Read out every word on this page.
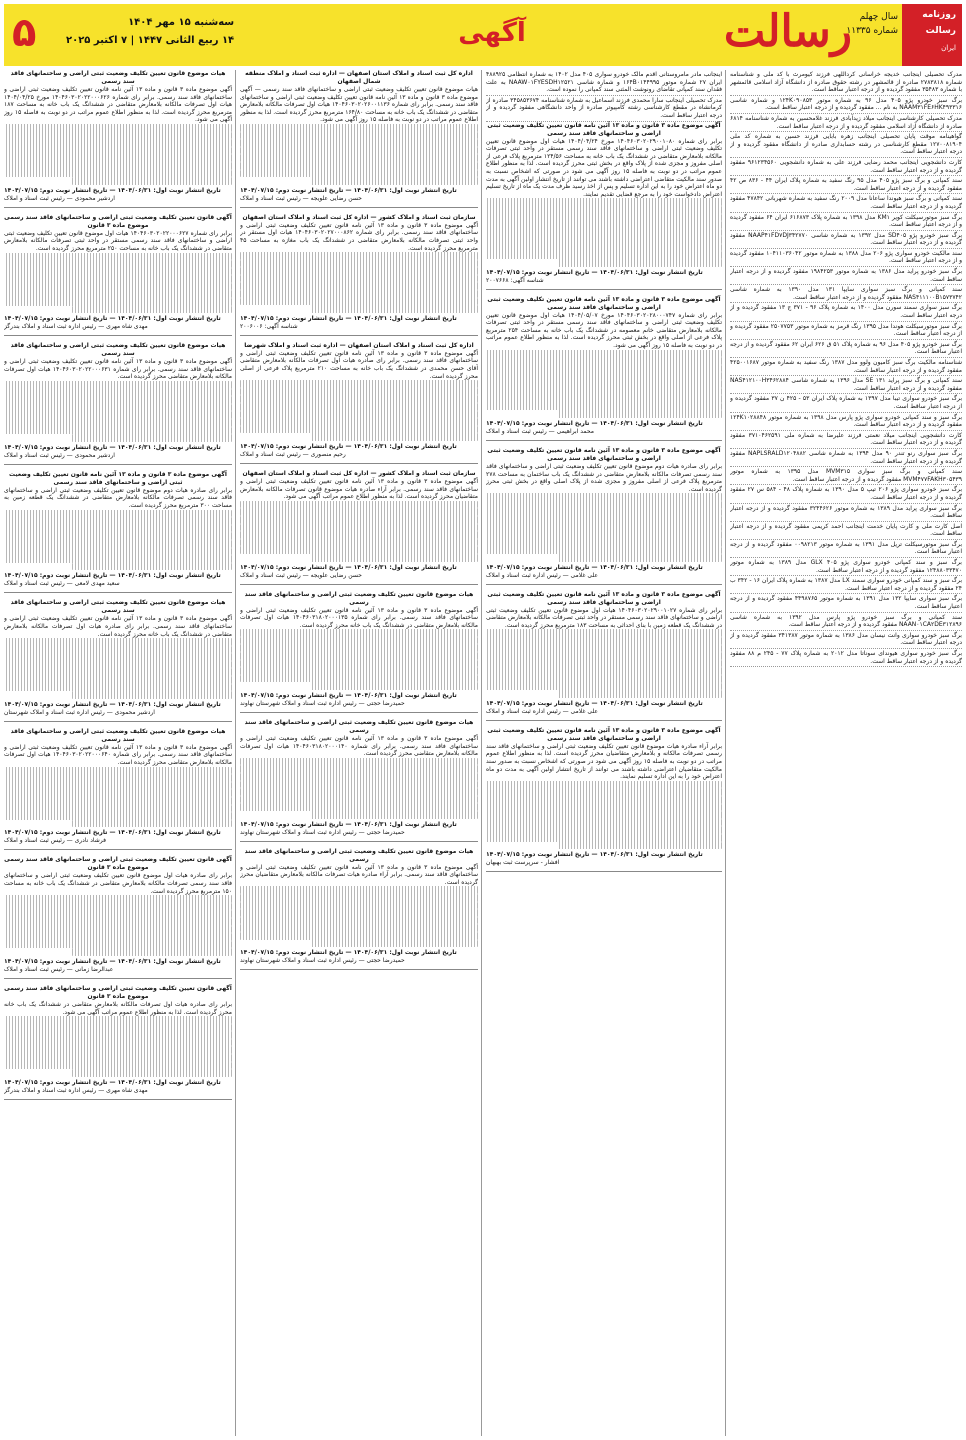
روزنامه
رسالت
ایران
سال چهلم
شماره ۱۱۳۳۵
رسالت
آگهی
سه‌شنبه ۱۵ مهر ۱۴۰۴
۱۴ ربیع الثانی ۱۴۴۷ | ۷ اکتبر ۲۰۲۵
۵
مدرک تحصیلی اینجانب خدیجه خراسانی کرداللهی فرزند کیومرث با کد ملی و شناسنامه شماره ۲۷۸۳۸۱۸ صادره از قائمشهر در رشته حقوق صادره از دانشگاه آزاد اسلامی قائمشهر با شماره ۳۵۴۸۳ مفقود گردیده و از درجه اعتبار ساقط است.
برگ سبز خودرو پژو ۴۰۵ مدل ۹۶ به شماره موتور ۱۲۴K۰۹۰۸۵۳ و شماره شاسی NAAM۳۱FE۶HK۴۹۳۳۱۶ به نام ... مفقود گردیده و از درجه اعتبار ساقط است.
مدرک تحصیلی کارشناسی اینجانب میلاد زیدآبادی فرزند غلامحسین به شماره شناسنامه ۶۸۱۴ صادره از دانشگاه آزاد اسلامی مفقود گردیده و از درجه اعتبار ساقط است.
گواهینامه موقت پایان تحصیلی اینجانب زهره بابایی فرزند حسین به شماره کد ملی ۱۲۷۰۰۸۱۹۰۴ مقطع کارشناسی در رشته حسابداری صادره از دانشگاه مفقود گردیده و از درجه اعتبار ساقط است.
کارت دانشجویی اینجانب محمد رضایی فرزند علی به شماره دانشجویی ۹۶۱۲۳۴۵۶۰ مفقود گردیده و از درجه اعتبار ساقط است.
سند کمپانی و برگ سبز پژو ۴۰۵ مدل ۹۵ رنگ سفید به شماره پلاک ایران ۴۴ - ۸۳۶ ص ۴۲ مفقود گردیده و از درجه اعتبار ساقط است.
سند کمپانی و برگ سبز هیوندا ساعانا مدل ۲۰۰۹ رنگ سفید به شماره شهربانی ۴۷۸۴۲ مفقود گردیده و از درجه اعتبار ساقط است.
برگ سبز موتورسیکلت کویر KM۱ مدل ۱۳۹۸ به شماره پلاک ۶۱۶۸۷۳ ایران ۶۴ مفقود گردیده و از درجه اعتبار ساقط است.
برگ سبز خودرو پژو SD۴۰۵ مدل ۱۳۹۲ به شماره شاسی NAAP۴۱FD۷DJ۳۴۲۷۷۰ مفقود گردیده و از درجه اعتبار ساقط است.
سند مالکیت خودرو سواری پژو ۲۰۶ مدل ۱۳۸۸ به شماره موتور ۱۰۴۱۱۰۳۶۰۴۲ مفقود گردیده و از درجه اعتبار ساقط است.
برگ سبز خودرو پراید مدل ۱۳۸۶ به شماره موتور ۱۹۸۴۲۵۳ مفقود گردیده و از درجه اعتبار ساقط است.
سند کمپانی و برگ سبز سواری سایپا ۱۳۱ مدل ۱۳۹۰ به شماره شاسی NAS۴۱۱۱۰۰B۱۵۷۳۷۴۲ مفقود گردیده و از درجه اعتبار ساقط است.
برگ سبز سواری سمند سورن مدل ۱۴۰۰ به شماره پلاک ۹۶ - ۳۷۱ ج ۱۳ مفقود گردیده و از درجه اعتبار ساقط است.
برگ سبز موتورسیکلت هوندا مدل ۱۳۹۵ رنگ قرمز به شماره موتور ۲۵۰۷۷۵۳ مفقود گردیده و از درجه اعتبار ساقط است.
برگ سبز خودرو پژو ۴۰۵ مدل ۹۶ به شماره پلاک ۵۱ ق ۶۲۶ ایران ۶۲ مفقود گردیده و از درجه اعتبار ساقط است.
شناسنامه مالکیت برگ سبز کامیون ولوو مدل ۱۳۸۷ رنگ سفید به شماره موتور ۴۲۵۰۰۱۶۸۷ مفقود گردیده و از درجه اعتبار ساقط است.
سند کمپانی و برگ سبز پراید ۱۳۱ SE مدل ۱۳۹۶ به شماره شاسی NAS۴۱۲۱۰۰H۳۴۶۲۸۸۴ مفقود گردیده و از درجه اعتبار ساقط است.
برگ سبز خودرو سواری تیبا مدل ۱۳۹۷ به شماره پلاک ایران ۵۳ - ۴۲۵ ن ۳۷ مفقود گردیده و از درجه اعتبار ساقط است.
برگ سبز و سند کمپانی خودرو سواری پژو پارس مدل ۱۳۹۸ به شماره موتور ۱۲۴K۱۰۲۸۸۴۸ مفقود گردیده و از درجه اعتبار ساقط است.
کارت دانشجویی اینجانب میلاد نعمتی فرزند علیرضا به شماره ملی ۳۷۱۰۴۶۲۵۹۱ مفقود گردیده و از درجه اعتبار ساقط است.
برگ سبز سواری رنو تندر ۹۰ مدل ۱۳۹۴ به شماره شاسی NAPLSRALD۱۲۰۴۸۸۲ مفقود گردیده و از درجه اعتبار ساقط است.
سند کمپانی و برگ سبز سواری MVM۳۱۵ مدل ۱۳۹۵ به شماره موتور MVM۴۷۷FAKH۳۰۵۴۳۹ مفقود گردیده و از درجه اعتبار ساقط است.
برگ سبز خودرو سواری پژو ۲۰۶ تیپ ۵ مدل ۱۳۹۰ به شماره پلاک ۴۸ - ۵۸۴ س ۲۷ مفقود گردیده و از درجه اعتبار ساقط است.
برگ سبز سواری پراید مدل ۱۳۸۹ به شماره موتور ۳۲۴۴۶۲۶ مفقود گردیده و از درجه اعتبار ساقط است.
اصل کارت ملی و کارت پایان خدمت اینجانب احمد کریمی مفقود گردیده و از درجه اعتبار ساقط است.
برگ سبز موتورسیکلت تریل مدل ۱۳۹۱ به شماره موتور ۰۰۹۸۲۱۳ مفقود گردیده و از درجه اعتبار ساقط است.
برگ سبز و سند کمپانی خودرو سواری پژو ۴۰۵ GLX مدل ۱۳۸۹ به شماره موتور ۱۲۴۸۸۰۳۳۴۷۰ مفقود گردیده و از درجه اعتبار ساقط است.
برگ سبز و سند کمپانی خودرو سواری سمند LX مدل ۱۳۸۷ به شماره پلاک ایران ۱۶ - ۳۴۲ ب ۲۴ مفقود گردیده و از درجه اعتبار ساقط است.
برگ سبز سواری سایپا ۱۳۲ مدل ۱۳۹۱ به شماره موتور ۴۴۹۸۷۶۵ مفقود گردیده و از درجه اعتبار ساقط است.
سند کمپانی و برگ سبز خودرو پژو پارس مدل ۱۳۹۲ به شماره شاسی NAAN۰۱CA۲DE۳۱۲۸۹۶ مفقود گردیده و از درجه اعتبار ساقط است.
برگ سبز خودرو سواری وانت نیسان مدل ۱۳۸۶ به شماره موتور ۳۴۱۳۸۷ مفقود گردیده و از درجه اعتبار ساقط است.
برگ سبز خودرو سواری هیوندای سوناتا مدل ۲۰۱۲ به شماره پلاک ۷۷ - ۲۴۵ م ۸۸ مفقود گردیده و از درجه اعتبار ساقط است.
اینجانب مادر مامروستانی اقدم مالک خودرو سواری ۴۰۵ مدل ۱۴۰۲ به شماره انتظامی ۴۸۸۹۲۵ ایران ۲۷ شماره موتور ۱۶۴B۰۱۴۴۹۹۵ و شماره شاسی NAAW۰۱FYESDH۱۲۵۲۱ به علت فقدان سند کمپانی تقاضای رونوشت المثنی سند کمپانی را نموده است.
مدرک تحصیلی اینجانب سارا محمدی فرزند اسماعیل به شماره شناسنامه ۳۴۵۸۵۳۶۷۴ صادره از کرمانشاه در مقطع کارشناسی رشته کامپیوتر صادره از واحد دانشگاهی مفقود گردیده و از درجه اعتبار ساقط است.
آگهی موضوع ماده ۳ قانون و ماده ۱۳ آئین نامه قانون تعیین تکلیف وضعیت ثبتی اراضی و ساختمانهای فاقد سند رسمی
برابر رای شماره ۱۴۰۴۶۰۳۰۲۰۲۹۰۰۱۰۸۰ مورخ ۱۴۰۴/۰۴/۲۴ هیات اول موضوع قانون تعیین تکلیف وضعیت ثبتی اراضی و ساختمانهای فاقد سند رسمی مستقر در واحد ثبتی تصرفات مالکانه بلامعارض متقاضی در ششدانگ یک باب خانه به مساحت ۱۲۴/۵۶ مترمربع پلاک فرعی از اصلی مفروز و مجزی شده از پلاک واقع در بخش ثبتی محرز گردیده است. لذا به منظور اطلاع عموم مراتب در دو نوبت به فاصله ۱۵ روز آگهی می شود در صورتی که اشخاص نسبت به صدور سند مالکیت متقاضی اعتراضی داشته باشند می توانند از تاریخ انتشار اولین آگهی به مدت دو ماه اعتراض خود را به این اداره تسلیم و پس از اخذ رسید ظرف مدت یک ماه از تاریخ تسلیم اعتراض دادخواست خود را به مرجع قضایی تقدیم نمایند.
تاریخ انتشار نوبت اول: ۱۴۰۴/۰۶/۳۱ — تاریخ انتشار نوبت دوم: ۱۴۰۴/۰۷/۱۵
شناسه آگهی: ۲۰۰۷۶۶۸
آگهی موضوع ماده ۳ قانون و ماده ۱۳ آئین نامه قانون تعیین تکلیف وضعیت ثبتی اراضی و ساختمانهای فاقد سند رسمی
برابر رای شماره ۱۴۰۴۶۰۳۰۲۰۲۸۰۰۰۷۴۷ مورخ ۱۴۰۴/۰۵/۰۷ هیات اول موضوع قانون تعیین تکلیف وضعیت ثبتی اراضی و ساختمانهای فاقد سند رسمی مستقر در واحد ثبتی تصرفات مالکانه بلامعارض متقاضی خانم معصومه در ششدانگ یک باب خانه به مساحت ۲۵۴ مترمربع پلاک فرعی از اصلی واقع در بخش ثبتی محرز گردیده است. لذا به منظور اطلاع عموم مراتب در دو نوبت به فاصله ۱۵ روز آگهی می شود.
تاریخ انتشار نوبت اول: ۱۴۰۴/۰۶/۳۱ — تاریخ انتشار نوبت دوم: ۱۴۰۴/۰۷/۱۵
محمد ابراهیمی — رئیس ثبت اسناد و املاک
آگهی موضوع ماده ۳ قانون و ماده ۱۳ آئین نامه قانون تعیین تکلیف وضعیت ثبتی اراضی و ساختمانهای فاقد سند رسمی
برابر رای صادره هیات دوم موضوع قانون تعیین تکلیف وضعیت ثبتی اراضی و ساختمانهای فاقد سند رسمی تصرفات مالکانه بلامعارض متقاضی در ششدانگ یک باب ساختمان به مساحت ۲۷۸ مترمربع پلاک فرعی از اصلی مفروز و مجزی شده از پلاک اصلی واقع در بخش ثبتی محرز گردیده است.
تاریخ انتشار نوبت اول: ۱۴۰۴/۰۶/۳۱ — تاریخ انتشار نوبت دوم: ۱۴۰۴/۰۷/۱۵
علی غلامی — رئیس اداره ثبت اسناد و املاک
آگهی موضوع ماده ۳ قانون و ماده ۱۳ آئین نامه قانون تعیین تکلیف وضعیت ثبتی اراضی و ساختمانهای فاقد سند رسمی
برابر رای شماره ۱۴۰۴۶۰۳۰۲۰۲۹۰۰۱۰۲۷ هیات اول موضوع قانون تعیین تکلیف وضعیت ثبتی اراضی و ساختمانهای فاقد سند رسمی مستقر در واحد ثبتی تصرفات مالکانه بلامعارض متقاضی در ششدانگ یک قطعه زمین با بنای احداثی به مساحت ۱۸۳ مترمربع محرز گردیده است.
تاریخ انتشار نوبت اول: ۱۴۰۴/۰۶/۳۱ — تاریخ انتشار نوبت دوم: ۱۴۰۴/۰۷/۱۵
علی غلامی — رئیس اداره ثبت اسناد و املاک
آگهی موضوع ماده ۳ قانون و ماده ۱۳ آئین نامه قانون تعیین تکلیف وضعیت ثبتی اراضی و ساختمانهای فاقد سند رسمی
برابر آراء صادره هیات موضوع قانون تعیین تکلیف وضعیت ثبتی اراضی و ساختمانهای فاقد سند رسمی تصرفات مالکانه و بلامعارض متقاضیان محرز گردیده است. لذا به منظور اطلاع عموم مراتب در دو نوبت به فاصله ۱۵ روز آگهی می شود در صورتی که اشخاص نسبت به صدور سند مالکیت متقاضیان اعتراضی داشته باشند می توانند از تاریخ انتشار اولین آگهی به مدت دو ماه اعتراض خود را به این اداره تسلیم نمایند.
تاریخ انتشار نوبت اول: ۱۴۰۴/۰۶/۳۱ — تاریخ انتشار نوبت دوم: ۱۴۰۴/۰۷/۱۵
افشار - سرپرست ثبت بهبهان
اداره کل ثبت اسناد و املاک استان اصفهان — اداره ثبت اسناد و املاک منطقه شمال اصفهان
هیات موضوع قانون تعیین تکلیف وضعیت ثبتی اراضی و ساختمانهای فاقد سند رسمی — آگهی موضوع ماده ۳ قانون و ماده ۱۳ آئین نامه قانون تعیین تکلیف وضعیت ثبتی اراضی و ساختمانهای فاقد سند رسمی. برابر رای شماره ۱۴۰۴۶۰۳۰۲۰۲۶۰۰۱۱۳۶ هیات اول تصرفات مالکانه بلامعارض متقاضی در ششدانگ یک باب خانه به مساحت ۱۶۴/۸۰ مترمربع محرز گردیده است. لذا به منظور اطلاع عموم مراتب در دو نوبت به فاصله ۱۵ روز آگهی می شود.
تاریخ انتشار نوبت اول: ۱۴۰۴/۰۶/۳۱ — تاریخ انتشار نوبت دوم: ۱۴۰۴/۰۷/۱۵
حسن رضایی علویجه — رئیس ثبت اسناد و املاک
سازمان ثبت اسناد و املاک کشور — اداره کل ثبت اسناد و املاک استان اصفهان
آگهی موضوع ماده ۳ قانون و ماده ۱۳ آئین نامه قانون تعیین تکلیف وضعیت ثبتی اراضی و ساختمانهای فاقد سند رسمی. برابر رای شماره ۱۴۰۴۶۰۳۰۲۰۲۷۰۰۰۸۶۲ هیات اول مستقر در واحد ثبتی تصرفات مالکانه بلامعارض متقاضی در ششدانگ یک باب مغازه به مساحت ۴۵ مترمربع محرز گردیده است.
تاریخ انتشار نوبت اول: ۱۴۰۴/۰۶/۳۱ — تاریخ انتشار نوبت دوم: ۱۴۰۴/۰۷/۱۵
شناسه آگهی: ۲۰۰۶۰۰۶
اداره کل ثبت اسناد و املاک استان اصفهان — اداره ثبت اسناد و املاک شهرضا
آگهی موضوع ماده ۳ قانون و ماده ۱۳ آئین نامه قانون تعیین تکلیف وضعیت ثبتی اراضی و ساختمانهای فاقد سند رسمی. برابر رای صادره هیات اول تصرفات مالکانه بلامعارض متقاضی آقای حسن محمدی در ششدانگ یک باب خانه به مساحت ۲۱۰ مترمربع پلاک فرعی از اصلی محرز گردیده است.
تاریخ انتشار نوبت اول: ۱۴۰۴/۰۶/۳۱ — تاریخ انتشار نوبت دوم: ۱۴۰۴/۰۷/۱۵
رحیم منصوری — رئیس ثبت اسناد و املاک
سازمان ثبت اسناد و املاک کشور — اداره کل ثبت اسناد و املاک استان اصفهان
آگهی موضوع ماده ۳ قانون و ماده ۱۳ آئین نامه قانون تعیین تکلیف وضعیت ثبتی اراضی و ساختمانهای فاقد سند رسمی. برابر آراء صادره هیات موضوع قانون تصرفات مالکانه بلامعارض متقاضیان محرز گردیده است. لذا به منظور اطلاع عموم مراتب آگهی می شود.
تاریخ انتشار نوبت اول: ۱۴۰۴/۰۶/۳۱ — تاریخ انتشار نوبت دوم: ۱۴۰۴/۰۷/۱۵
حسن رضایی علویجه — رئیس ثبت اسناد و املاک
هیات موضوع قانون تعیین تکلیف وضعیت ثبتی اراضی و ساختمانهای فاقد سند رسمی
آگهی موضوع ماده ۳ قانون و ماده ۱۳ آئین نامه قانون تعیین تکلیف وضعیت ثبتی اراضی و ساختمانهای فاقد سند رسمی. برابر رای شماره ۱۴۰۴۶۰۳۱۸۰۲۰۰۰۱۳۵ هیات اول تصرفات مالکانه بلامعارض متقاضی در ششدانگ یک باب خانه محرز گردیده است.
تاریخ انتشار نوبت اول: ۱۴۰۴/۰۶/۳۱ — تاریخ انتشار نوبت دوم: ۱۴۰۴/۰۷/۱۵
حمیدرضا حجتی — رئیس اداره ثبت اسناد و املاک شهرستان نهاوند
هیات موضوع قانون تعیین تکلیف وضعیت ثبتی اراضی و ساختمانهای فاقد سند رسمی
آگهی موضوع ماده ۳ قانون و ماده ۱۳ آئین نامه قانون تعیین تکلیف وضعیت ثبتی اراضی و ساختمانهای فاقد سند رسمی. برابر رای شماره ۱۴۰۴۶۰۳۱۸۰۲۰۰۰۱۴۰ هیات اول تصرفات مالکانه بلامعارض متقاضی محرز گردیده است.
تاریخ انتشار نوبت اول: ۱۴۰۴/۰۶/۳۱ — تاریخ انتشار نوبت دوم: ۱۴۰۴/۰۷/۱۵
حمیدرضا حجتی — رئیس اداره ثبت اسناد و املاک شهرستان نهاوند
هیات موضوع قانون تعیین تکلیف وضعیت ثبتی اراضی و ساختمانهای فاقد سند رسمی
آگهی موضوع ماده ۳ قانون و ماده ۱۳ آئین نامه قانون تعیین تکلیف وضعیت ثبتی اراضی و ساختمانهای فاقد سند رسمی. برابر آراء صادره هیات تصرفات مالکانه بلامعارض متقاضیان محرز گردیده است.
تاریخ انتشار نوبت اول: ۱۴۰۴/۰۶/۳۱ — تاریخ انتشار نوبت دوم: ۱۴۰۴/۰۷/۱۵
حمیدرضا حجتی — رئیس اداره ثبت اسناد و املاک شهرستان نهاوند
هیات موضوع قانون تعیین تکلیف وضعیت ثبتی اراضی و ساختمانهای فاقد سند رسمی
آگهی موضوع ماده ۳ قانون و ماده ۱۳ آئین نامه قانون تعیین تکلیف وضعیت ثبتی اراضی و ساختمانهای فاقد سند رسمی. برابر رای شماره ۱۴۰۴۶۰۳۰۲۰۲۲۰۰۰۶۲۶ مورخ ۱۴۰۴/۰۴/۲۵ هیات اول تصرفات مالکانه بلامعارض متقاضی در ششدانگ یک باب خانه به مساحت ۱۸۷ مترمربع محرز گردیده است. لذا به منظور اطلاع عموم مراتب در دو نوبت به فاصله ۱۵ روز آگهی می شود.
تاریخ انتشار نوبت اول: ۱۴۰۴/۰۶/۳۱ — تاریخ انتشار نوبت دوم: ۱۴۰۴/۰۷/۱۵
اردشیر محمودی — رئیس ثبت اسناد و املاک
آگهی قانون تعیین تکلیف وضعیت ثبتی اراضی و ساختمانهای فاقد سند رسمی موضوع ماده ۳ قانون
برابر رای شماره ۱۴۰۴۶۰۳۰۲۰۲۲۰۰۰۶۲۷ هیات اول موضوع قانون تعیین تکلیف وضعیت ثبتی اراضی و ساختمانهای فاقد سند رسمی مستقر در واحد ثبتی تصرفات مالکانه بلامعارض متقاضی در ششدانگ یک باب خانه به مساحت ۲۵۰ مترمربع محرز گردیده است.
تاریخ انتشار نوبت اول: ۱۴۰۴/۰۶/۳۱ — تاریخ انتشار نوبت دوم: ۱۴۰۴/۰۷/۱۵
مهدی شاه مهری — رئیس اداره ثبت اسناد و املاک بندرگز
هیات موضوع قانون تعیین تکلیف وضعیت ثبتی اراضی و ساختمانهای فاقد سند رسمی
آگهی موضوع ماده ۳ قانون و ماده ۱۳ آئین نامه قانون تعیین تکلیف وضعیت ثبتی اراضی و ساختمانهای فاقد سند رسمی. برابر رای شماره ۱۴۰۴۶۰۳۰۲۰۲۲۰۰۰۶۳۱ هیات اول تصرفات مالکانه بلامعارض متقاضی محرز گردیده است.
تاریخ انتشار نوبت اول: ۱۴۰۴/۰۶/۳۱ — تاریخ انتشار نوبت دوم: ۱۴۰۴/۰۷/۱۵
اردشیر محمودی — رئیس ثبت اسناد و املاک
آگهی موضوع ماده ۳ قانون و ماده ۱۳ آئین نامه قانون تعیین تکلیف وضعیت ثبتی اراضی و ساختمانهای فاقد سند رسمی
برابر رای صادره هیات دوم موضوع قانون تعیین تکلیف وضعیت ثبتی اراضی و ساختمانهای فاقد سند رسمی تصرفات مالکانه بلامعارض متقاضی در ششدانگ یک قطعه زمین به مساحت ۳۰۰ مترمربع محرز گردیده است.
تاریخ انتشار نوبت اول: ۱۴۰۴/۰۶/۳۱ — تاریخ انتشار نوبت دوم: ۱۴۰۴/۰۷/۱۵
سعید مهدی لامعی — رئیس ثبت اسناد و املاک
هیات موضوع قانون تعیین تکلیف وضعیت ثبتی اراضی و ساختمانهای فاقد سند رسمی
آگهی موضوع ماده ۳ قانون و ماده ۱۳ آئین نامه قانون تعیین تکلیف وضعیت ثبتی اراضی و ساختمانهای فاقد سند رسمی. برابر رای صادره هیات اول تصرفات مالکانه بلامعارض متقاضی در ششدانگ یک باب خانه محرز گردیده است.
تاریخ انتشار نوبت اول: ۱۴۰۴/۰۶/۳۱ — تاریخ انتشار نوبت دوم: ۱۴۰۴/۰۷/۱۵
اردشیر محمودی — رئیس اداره ثبت اسناد و املاک شهرستان
هیات موضوع قانون تعیین تکلیف وضعیت ثبتی اراضی و ساختمانهای فاقد سند رسمی
آگهی موضوع ماده ۳ قانون و ماده ۱۳ آئین نامه قانون تعیین تکلیف وضعیت ثبتی اراضی و ساختمانهای فاقد سند رسمی. برابر رای شماره ۱۴۰۴۶۰۳۰۲۰۲۲۰۰۰۶۴۰ هیات اول تصرفات مالکانه بلامعارض متقاضی محرز گردیده است.
تاریخ انتشار نوبت اول: ۱۴۰۴/۰۶/۳۱ — تاریخ انتشار نوبت دوم: ۱۴۰۴/۰۷/۱۵
فرشاد نادری — رئیس ثبت اسناد و املاک
آگهی قانون تعیین تکلیف وضعیت ثبتی اراضی و ساختمانهای فاقد سند رسمی موضوع ماده ۳ قانون
برابر رای صادره هیات اول موضوع قانون تعیین تکلیف وضعیت ثبتی اراضی و ساختمانهای فاقد سند رسمی تصرفات مالکانه بلامعارض متقاضی در ششدانگ یک باب خانه به مساحت ۱۵۰ مترمربع محرز گردیده است.
تاریخ انتشار نوبت اول: ۱۴۰۴/۰۶/۳۱ — تاریخ انتشار نوبت دوم: ۱۴۰۴/۰۷/۱۵
عبدالرضا زمانی — رئیس ثبت اسناد و املاک
آگهی قانون تعیین تکلیف وضعیت ثبتی اراضی و ساختمانهای فاقد سند رسمی موضوع ماده ۳ قانون
برابر رای صادره هیات اول تصرفات مالکانه بلامعارض متقاضی در ششدانگ یک باب خانه محرز گردیده است. لذا به منظور اطلاع عموم مراتب آگهی می شود.
تاریخ انتشار نوبت اول: ۱۴۰۴/۰۶/۳۱ — تاریخ انتشار نوبت دوم: ۱۴۰۴/۰۷/۱۵
مهدی شاه مهری — رئیس اداره ثبت اسناد و املاک بندرگز
